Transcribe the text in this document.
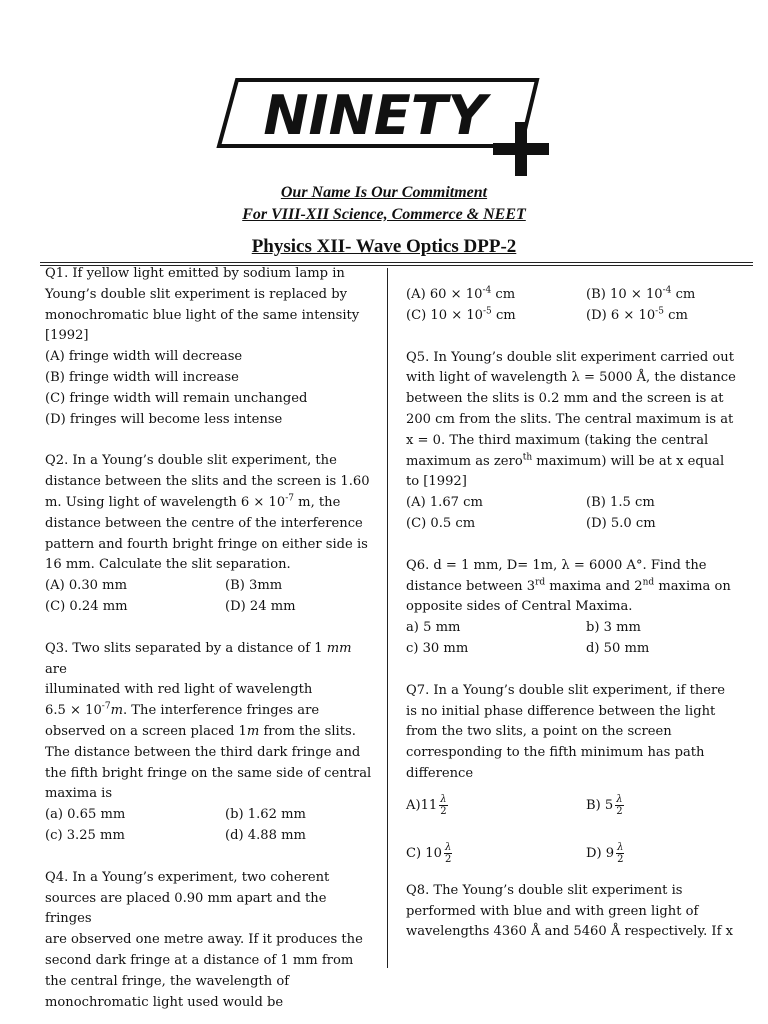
NINETY
Our Name Is Our Commitment
For VIII-XII Science, Commerce & NEET
Physics XII- Wave Optics DPP-2

Q1. If yellow light emitted by sodium lamp in

Young’s double slit experiment is replaced by

monochromatic blue light of the same intensity

[1992]

(A) fringe width will decrease

(B) fringe width will increase

(C) fringe width will remain unchanged

(D) fringes will become less intense

Q2. In a Young’s double slit experiment, the

distance between the slits and the screen is 1.60

m. Using light of wavelength $6 \times 10^{-7}$ m, the

distance between the centre of the interference

pattern and fourth bright fringe on either side is

16 mm. Calculate the slit separation.

(A) 0.30 mm	(B) 3mm
(C) 0.24 mm	(D) 24 mm

Q3. Two slits separated by a distance of 1 mm are

illuminated with red light of wavelength

$6.5 \times 10^{-7}m$. The interference fringes are

observed on a screen placed 1m from the slits.

The distance between the third dark fringe and

the fifth bright fringe on the same side of central

maxima is

(a) 0.65 mm	(b) 1.62 mm
(c) 3.25 mm	(d) 4.88 mm

Q4. In a Young’s experiment, two coherent

sources are placed 0.90 mm apart and the fringes

are observed one metre away. If it produces the

second dark fringe at a distance of 1 mm from

the central fringe, the wavelength of

monochromatic light used would be

(A) $60 \times 10^{-4}$ cm	(B) $10 \times 10^{-4}$ cm
(C) $10 \times 10^{-5}$ cm	(D) $6 \times 10^{-5}$ cm

Q5. In Young’s double slit experiment carried out

with light of wavelength λ = 5000 Å, the distance

between the slits is 0.2 mm and the screen is at

200 cm from the slits. The central maximum is at

x = 0. The third maximum (taking the central

maximum as zero$^{th}$ maximum) will be at x equal

to [1992]

(A) 1.67 cm	(B) 1.5 cm
(C) 0.5 cm	(D) 5.0 cm

Q6. d = 1 mm, D= 1m, λ = 6000 A°. Find the

distance between 3rd maxima and 2nd maxima on

opposite sides of Central Maxima.

a) 5 mm	b) 3 mm
c) 30 mm	d) 50 mm

Q7. In a Young’s double slit experiment, if there

is no initial phase difference between the light

from the two slits, a point on the screen

corresponding to the fifth minimum has path

difference

$A)11 \frac{\lambda}{2}$	B) $5 \frac{\lambda}{2}$
C) $10 \frac{\lambda}{2}$	D) $9 \frac{\lambda}{2}$

Q8. The Young’s double slit experiment is

performed with blue and with green light of

wavelengths 4360 Å and 5460 Å respectively. If x
